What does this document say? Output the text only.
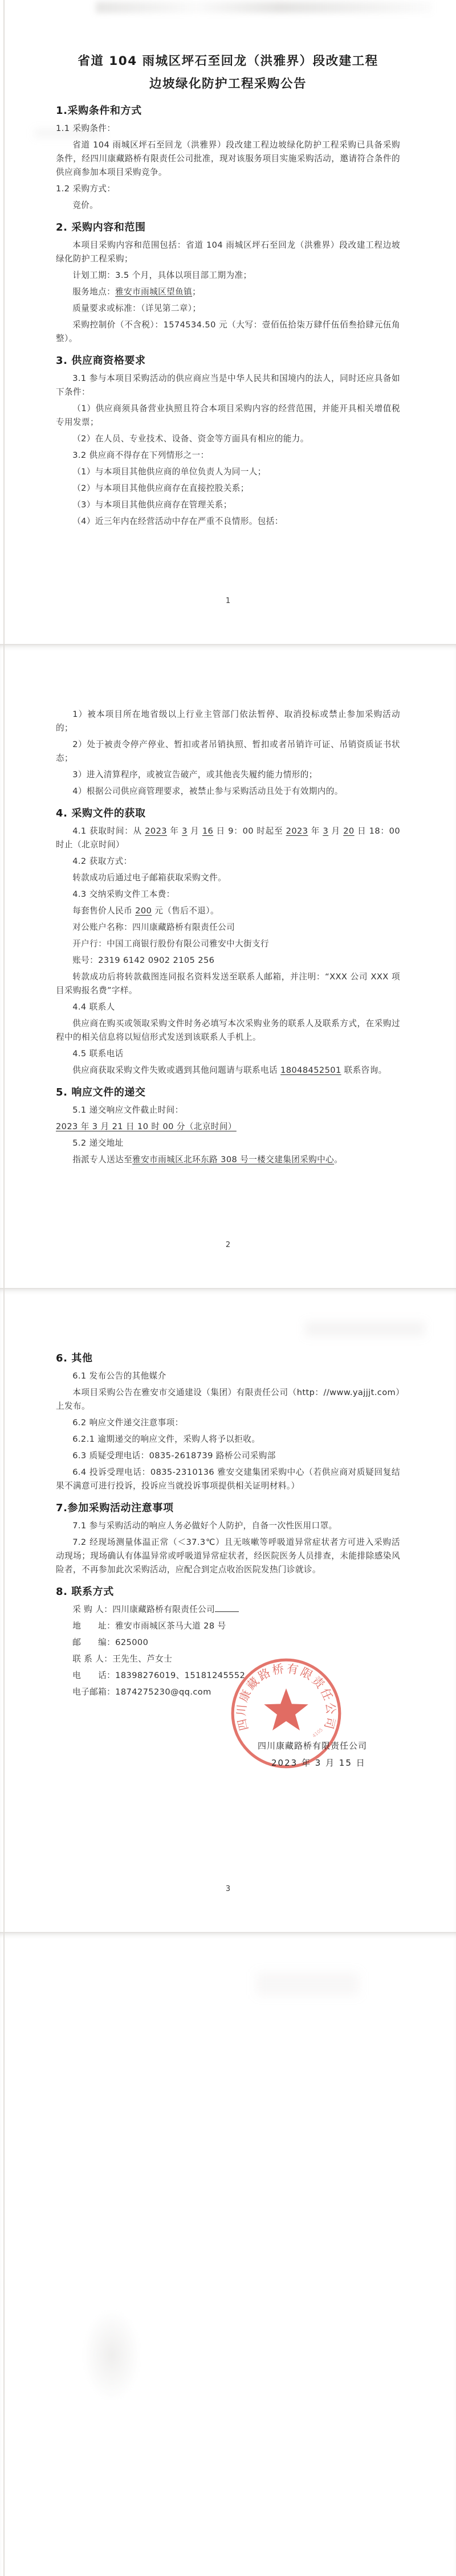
省道 104 雨城区坪石至回龙（洪雅界）段改建工程
边坡绿化防护工程采购公告
1.采购条件和方式
1.1 采购条件：
省道 104 雨城区坪石至回龙（洪雅界）段改建工程边坡绿化防护工程采购已具备采购条件，经四川康藏路桥有限责任公司批准，现对该服务项目实施采购活动，邀请符合条件的供应商参加本项目采购竞争。
1.2 采购方式：
竞价。
2. 采购内容和范围
本项目采购内容和范围包括：省道 104 雨城区坪石至回龙（洪雅界）段改建工程边坡绿化防护工程采购；
计划工期：3.5 个月，具体以项目部工期为准；
服务地点：雅安市雨城区望鱼镇；
质量要求或标准：（详见第二章）；
采购控制价（不含税）：1574534.50 元（大写：壹佰伍拾柒万肆仟伍佰叁拾肆元伍角整）。
3. 供应商资格要求
3.1 参与本项目采购活动的供应商应当是中华人民共和国境内的法人，同时还应具备如下条件：
（1）供应商须具备营业执照且符合本项目采购内容的经营范围，并能开具相关增值税专用发票；
（2）在人员、专业技术、设备、资金等方面具有相应的能力。
3.2 供应商不得存在下列情形之一：
（1）与本项目其他供应商的单位负责人为同一人；
（2）与本项目其他供应商存在直接控股关系；
（3）与本项目其他供应商存在管理关系；
（4）近三年内在经营活动中存在严重不良情形。包括：
1
1）被本项目所在地省级以上行业主管部门依法暂停、取消投标或禁止参加采购活动的；
2）处于被责令停产停业、暂扣或者吊销执照、暂扣或者吊销许可证、吊销资质证书状态；
3）进入清算程序，或被宣告破产，或其他丧失履约能力情形的；
4）根据公司供应商管理要求，被禁止参与采购活动且处于有效期内的。
4. 采购文件的获取
4.1 获取时间：从 2023 年 3 月 16 日 9：00 时起至 2023 年 3 月 20 日 18：00 时止（北京时间）
4.2 获取方式：
转款成功后通过电子邮箱获取采购文件。
4.3 交纳采购文件工本费：
每套售价人民币 200 元（售后不退）。
对公账户名称：四川康藏路桥有限责任公司
开户行：中国工商银行股份有限公司雅安中大街支行
账号：2319 6142 0902 2105 256
转款成功后将转款截图连同报名资料发送至联系人邮箱，并注明：“XXX 公司 XXX 项目采购报名费”字样。
4.4 联系人
供应商在购买或领取采购文件时务必填写本次采购业务的联系人及联系方式，在采购过程中的相关信息将以短信形式发送到该联系人手机上。
4.5 联系电话
供应商获取采购文件失败或遇到其他问题请与联系电话 18048452501 联系咨询。
5. 响应文件的递交
5.1 递交响应文件截止时间：
2023 年 3 月 21 日 10 时 00 分（北京时间）
5.2 递交地址
指派专人送达至雅安市雨城区北环东路 308 号一楼交建集团采购中心。
2
6. 其他
6.1 发布公告的其他媒介
本项目采购公告在雅安市交通建设（集团）有限责任公司（http：//www.yajjjt.com）上发布。
6.2 响应文件递交注意事项：
6.2.1 逾期递交的响应文件，采购人将予以拒收。
6.3 质疑受理电话：0835-2618739 路桥公司采购部
6.4 投诉受理电话：0835-2310136 雅安交建集团采购中心（若供应商对质疑回复结果不满意可进行投诉，投诉应当就投诉事项提供相关证明材料。）
7.参加采购活动注意事项
7.1 参与采购活动的响应人务必做好个人防护，自备一次性医用口罩。
7.2 经现场测量体温正常（＜37.3℃）且无咳嗽等呼吸道异常症状者方可进入采购活动现场；现场确认有体温异常或呼吸道异常症状者，经医院医务人员排查，未能排除感染风险者，不再参加此次采购活动，应配合到定点收治医院发热门诊就诊。
8. 联系方式
采 购 人：四川康藏路桥有限责任公司
地　　址：雅安市雨城区茶马大道 28 号
邮　　编：625000
联 系 人：王先生、芦女士
电　　话：18398276019、15181245552
电子邮箱：1874275230@qq.com
四川康藏路桥有限责任公司
4105
四川康藏路桥有限责任公司
2023 年 3 月 15 日
3
